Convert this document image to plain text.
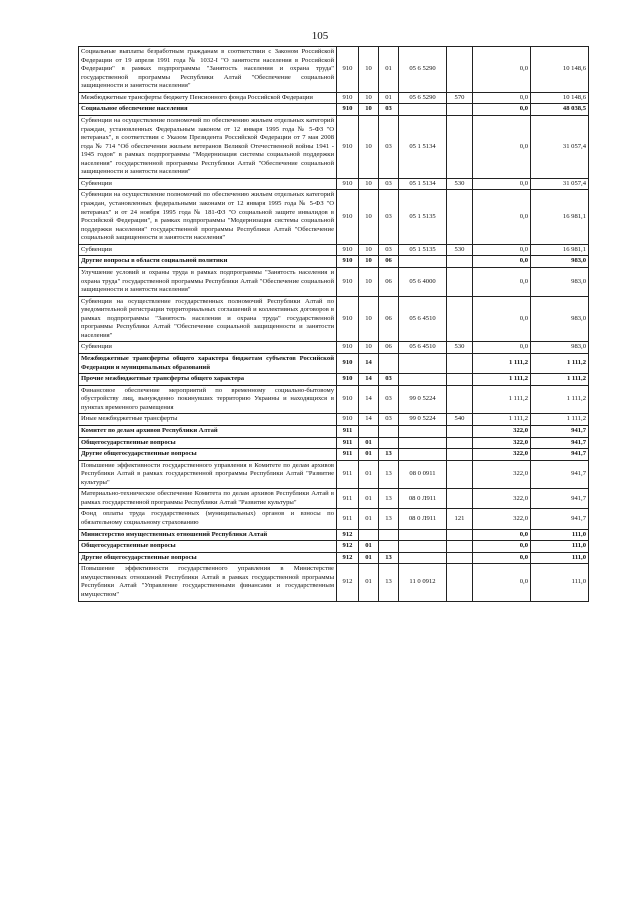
105
Социальные выплаты безработным гражданам в соответствии с Законом Российской Федерации от 19 апреля 1991 года № 1032-I "О занятости населения в Российской Федерации" в рамках подпрограммы "Занятость населения и охрана труда" государственной программы Республики Алтай "Обеспечение социальной защищенности и занятости населения"	910	10	01	05 6 5290		0,0	10 148,6
Межбюджетные трансферты бюджету Пенсионного фонда Российской Федерации	910	10	01	05 6 5290	570	0,0	10 148,6
Социальное обеспечение населения	910	10	03			0,0	48 038,5
Субвенции на осуществление полномочий по обеспечению жильем отдельных категорий граждан, установленных Федеральным законом от 12 января 1995 года № 5-ФЗ "О ветеранах", в соответствии с Указом Президента Российской Федерации от 7 мая 2008 года № 714 "Об обеспечении жильем ветеранов Великой Отечественной войны 1941 - 1945 годов" в рамках подпрограммы "Модернизация системы социальной поддержки населения" государственной программы Республики Алтай "Обеспечение социальной защищенности и занятости населения"	910	10	03	05 1 5134		0,0	31 057,4
Субвенции	910	10	03	05 1 5134	530	0,0	31 057,4
Субвенции на осуществление полномочий по обеспечению жильем отдельных категорий граждан, установленных федеральными законами от 12 января 1995 года № 5-ФЗ "О ветеранах" и от 24 ноября 1995 года № 181-ФЗ "О социальной защите инвалидов в Российской Федерации", в рамках подпрограммы "Модернизация системы социальной поддержки населения" государственной программы Республики Алтай "Обеспечение социальной защищенности и занятости населения"	910	10	03	05 1 5135		0,0	16 981,1
Субвенции	910	10	03	05 1 5135	530	0,0	16 981,1
Другие вопросы в области социальной политики	910	10	06			0,0	983,0
Улучшение условий и охраны труда в рамках подпрограммы "Занятость населения и охрана труда" государственной программы Республики Алтай "Обеспечение социальной защищенности и занятости населения"	910	10	06	05 6 4000		0,0	983,0
Субвенции на осуществление государственных полномочий Республики Алтай по уведомительной регистрации территориальных соглашений и коллективных договоров в рамках подпрограммы "Занятость населения и охрана труда" государственной программы Республики Алтай "Обеспечение социальной защищенности и занятости населения"	910	10	06	05 6 4510		0,0	983,0
Субвенции	910	10	06	05 6 4510	530	0,0	983,0
Межбюджетные трансферты общего характера бюджетам субъектов Российской Федерации и муниципальных образований	910	14				1 111,2	1 111,2
Прочие межбюджетные трансферты общего характера	910	14	03			1 111,2	1 111,2
Финансовое обеспечение мероприятий по временному социально-бытовому обустройству лиц, вынужденно покинувших территорию Украины и находящихся в пунктах временного размещения	910	14	03	99 0 5224		1 111,2	1 111,2
Иные межбюджетные трансферты	910	14	03	99 0 5224	540	1 111,2	1 111,2
Комитет по делам архивов Республики Алтай	911					322,0	941,7
Общегосударственные вопросы	911	01				322,0	941,7
Другие общегосударственные вопросы	911	01	13			322,0	941,7
Повышение эффективности государственного управления в Комитете по делам архивов Республики Алтай в рамках государственной программы Республики Алтай "Развитие культуры"	911	01	13	08 0 0911		322,0	941,7
Материально-техническое обеспечение Комитета по делам архивов Республики Алтай в рамках государственной программы Республики Алтай "Развитие культуры"	911	01	13	08 0 Л911		322,0	941,7
Фонд оплаты труда государственных (муниципальных) органов и взносы по обязательному социальному страхованию	911	01	13	08 0 Л911	121	322,0	941,7
Министерство имущественных отношений Республики Алтай	912					0,0	111,0
Общегосударственные вопросы	912	01				0,0	111,0
Другие общегосударственные вопросы	912	01	13			0,0	111,0
Повышение эффективности государственного управления в Министерстве имущественных отношений Республики Алтай в рамках государственной программы Республики Алтай "Управление государственными финансами и государственным имуществом"	912	01	13	11 0 0912		0,0	111,0
